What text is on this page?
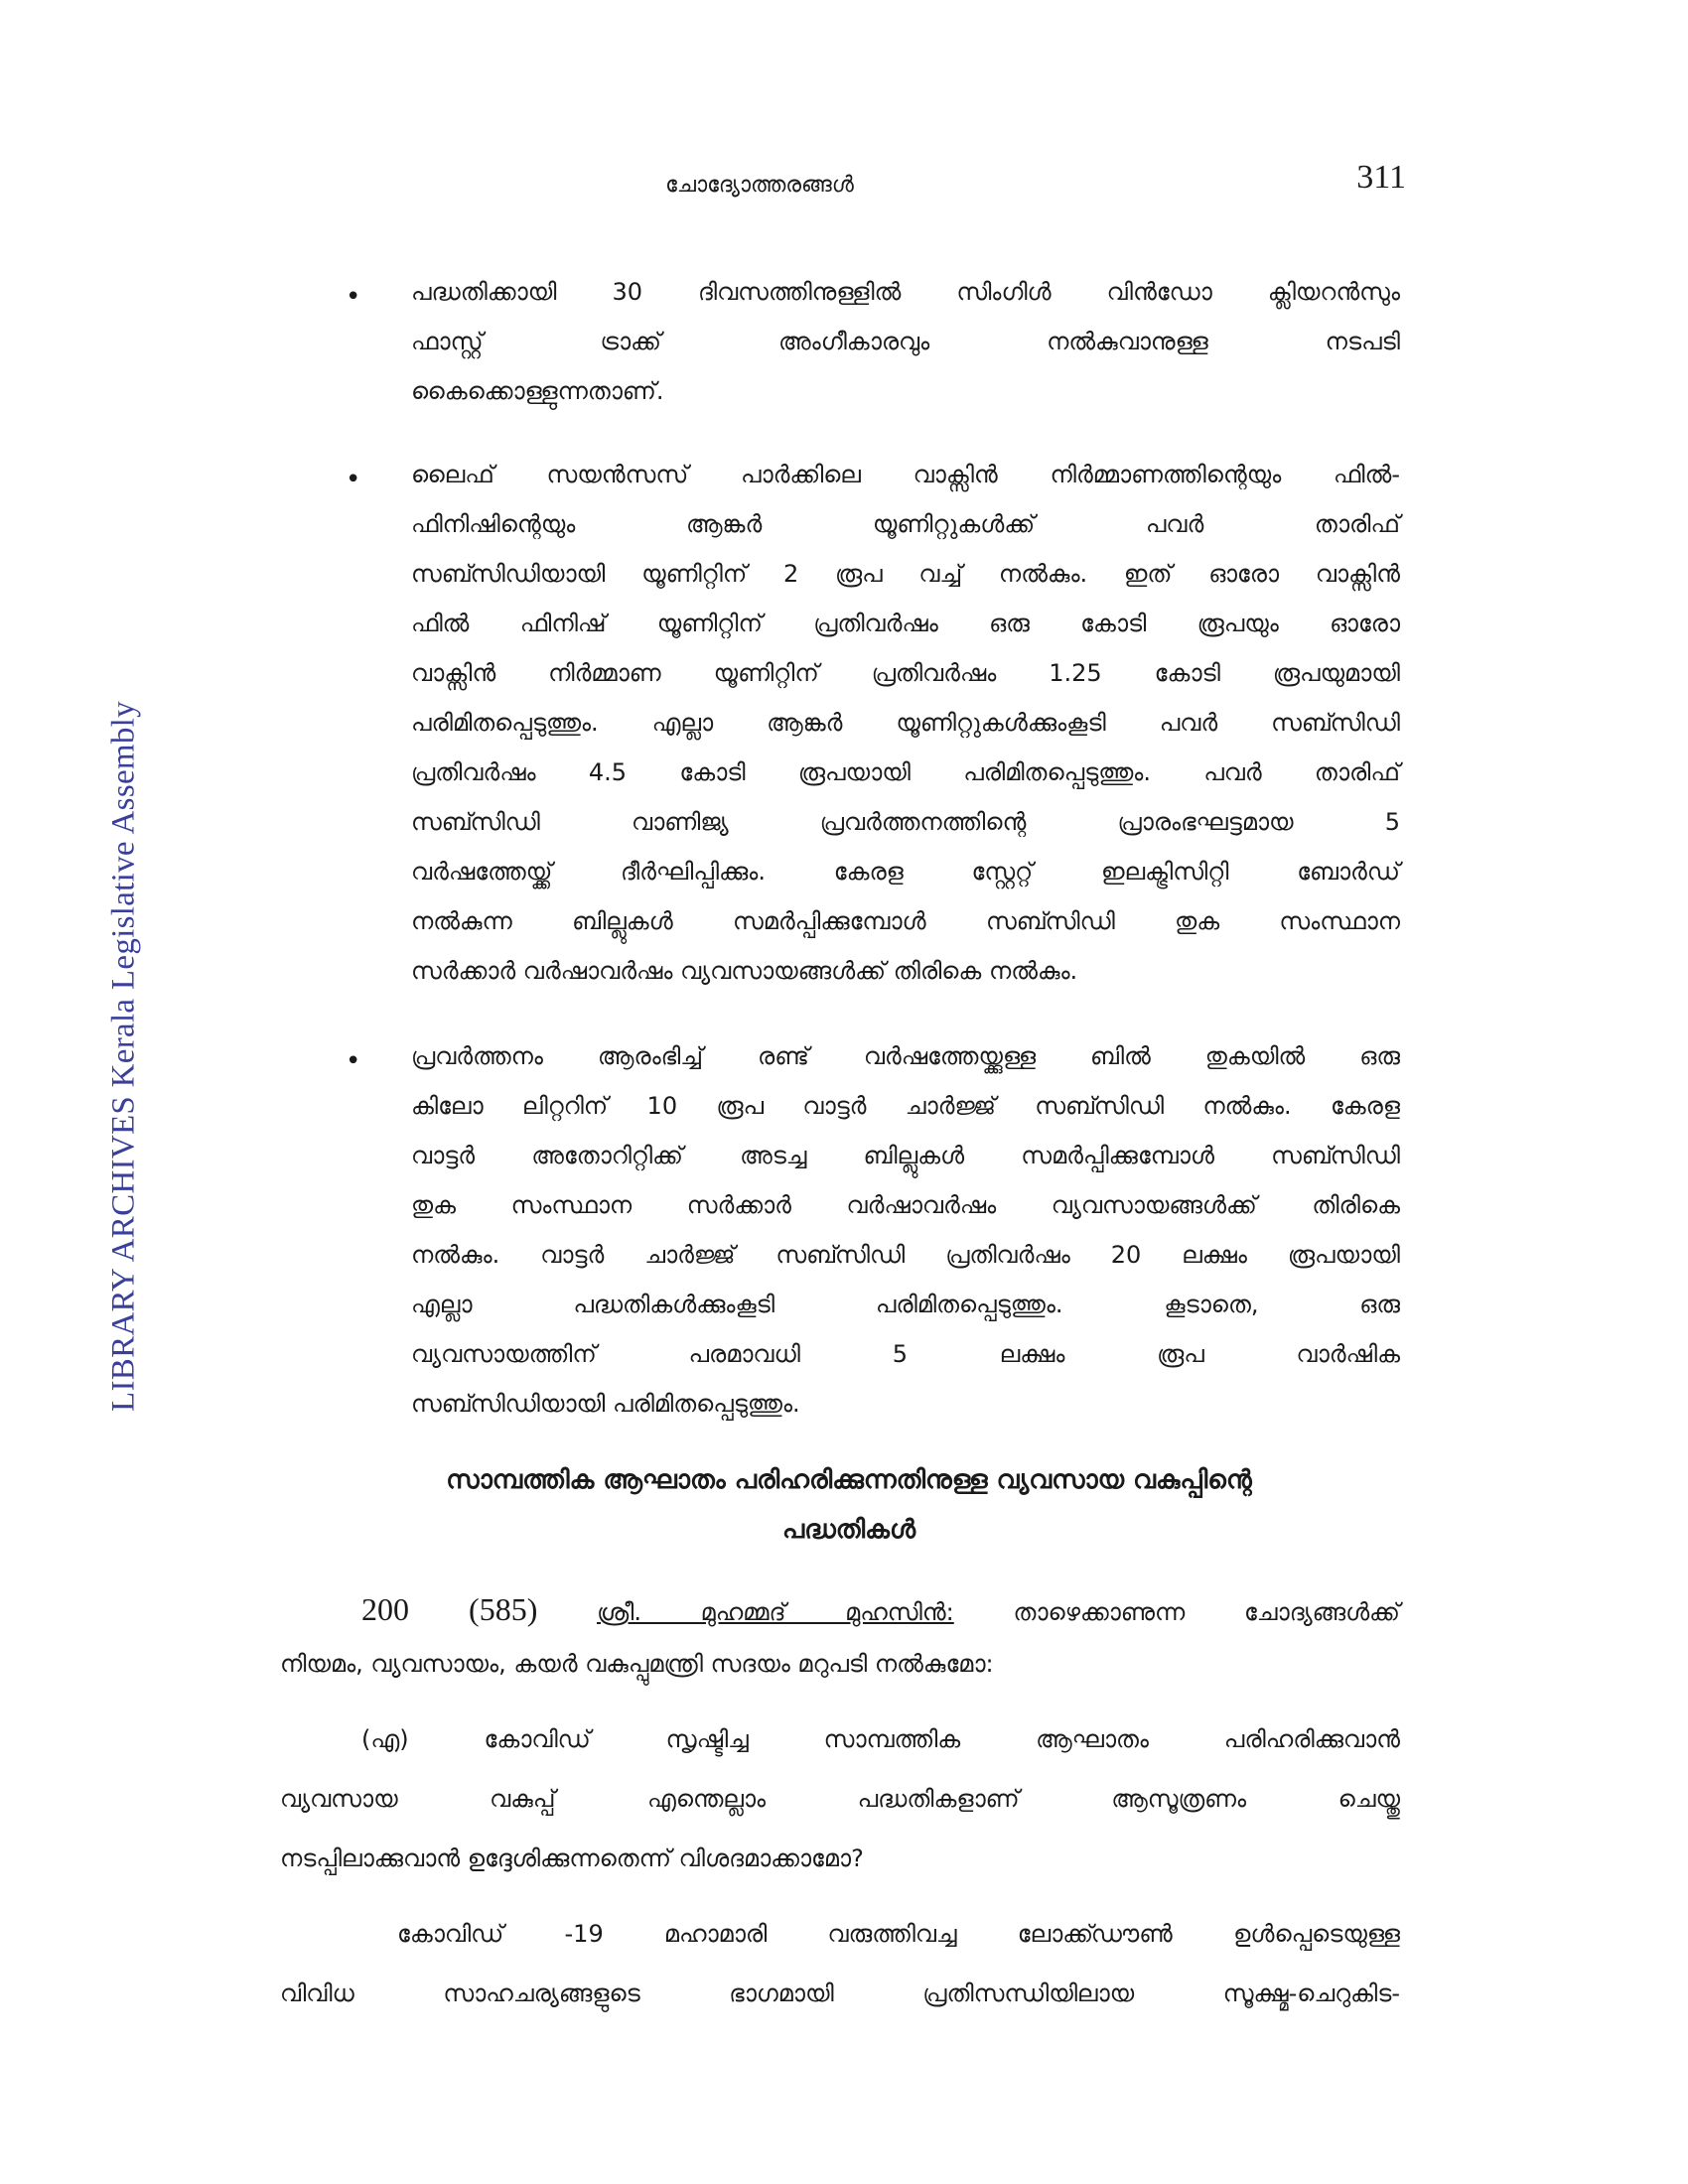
LIBRARY ARCHIVES Kerala Legislative Assembly
ചോദ്യോത്തരങ്ങൾ	311
• പദ്ധതിക്കായി 30 ദിവസത്തിനുള്ളിൽ സിംഗിൾ വിൻഡോ ക്ലിയറൻസും
ഫാസ്റ്റ് ട്രാക്ക് അംഗീകാരവും നൽകുവാനുള്ള നടപടി
കൈക്കൊള്ളുന്നതാണ്.
• ലൈഫ് സയൻസസ് പാർക്കിലെ വാക്സിൻ നിർമ്മാണത്തിന്റെയും ഫിൽ-
ഫിനിഷിന്റെയും ആങ്കർ യൂണിറ്റുകൾക്ക് പവർ താരിഫ്
സബ്സിഡിയായി യൂണിറ്റിന് 2 രൂപ വച്ച് നൽകും. ഇത് ഓരോ വാക്സിൻ
ഫിൽ ഫിനിഷ് യൂണിറ്റിന് പ്രതിവർഷം ഒരു കോടി രൂപയും ഓരോ
വാക്സിൻ നിർമ്മാണ യൂണിറ്റിന് പ്രതിവർഷം 1.25 കോടി രൂപയുമായി
പരിമിതപ്പെടുത്തും. എല്ലാ ആങ്കർ യൂണിറ്റുകൾക്കുംകൂടി പവർ സബ്സിഡി
പ്രതിവർഷം 4.5 കോടി രൂപയായി പരിമിതപ്പെടുത്തും. പവർ താരിഫ്
സബ്സിഡി വാണിജ്യ പ്രവർത്തനത്തിന്റെ പ്രാരംഭഘട്ടമായ 5
വർഷത്തേയ്ക്ക് ദീർഘിപ്പിക്കും. കേരള സ്റ്റേറ്റ് ഇലക്ട്രിസിറ്റി ബോർഡ്
നൽകുന്ന ബില്ലുകൾ സമർപ്പിക്കുമ്പോൾ സബ്സിഡി തുക സംസ്ഥാന
സർക്കാർ വർഷാവർഷം വ്യവസായങ്ങൾക്ക് തിരികെ നൽകും.
• പ്രവർത്തനം ആരംഭിച്ച് രണ്ട് വർഷത്തേയ്ക്കുള്ള ബിൽ തുകയിൽ ഒരു
കിലോ ലിറ്ററിന് 10 രൂപ വാട്ടർ ചാർജ്ജ് സബ്സിഡി നൽകും. കേരള
വാട്ടർ അതോറിറ്റിക്ക് അടച്ച ബില്ലുകൾ സമർപ്പിക്കുമ്പോൾ സബ്സിഡി
തുക സംസ്ഥാന സർക്കാർ വർഷാവർഷം വ്യവസായങ്ങൾക്ക് തിരികെ
നൽകും. വാട്ടർ ചാർജ്ജ് സബ്സിഡി പ്രതിവർഷം 20 ലക്ഷം രൂപയായി
എല്ലാ പദ്ധതികൾക്കുംകൂടി പരിമിതപ്പെടുത്തും. കൂടാതെ, ഒരു
വ്യവസായത്തിന് പരമാവധി 5 ലക്ഷം രൂപ വാർഷിക
സബ്സിഡിയായി പരിമിതപ്പെടുത്തും.
സാമ്പത്തിക ആഘാതം പരിഹരിക്കുന്നതിനുള്ള വ്യവസായ വകുപ്പിന്റെ
പദ്ധതികൾ
200 (585) ശ്രീ. മുഹമ്മദ് മുഹസിൻ: താഴെക്കാണുന്ന ചോദ്യങ്ങൾക്ക്
നിയമം, വ്യവസായം, കയർ വകുപ്പുമന്ത്രി സദയം മറുപടി നൽകുമോ:
(എ) കോവിഡ് സൃഷ്ടിച്ച സാമ്പത്തിക ആഘാതം പരിഹരിക്കുവാൻ
വ്യവസായ വകുപ്പ് എന്തെല്ലാം പദ്ധതികളാണ് ആസൂത്രണം ചെയ്തു
നടപ്പിലാക്കുവാൻ ഉദ്ദേശിക്കുന്നതെന്ന് വിശദമാക്കാമോ?
കോവിഡ് -19 മഹാമാരി വരുത്തിവച്ച ലോക്ക്ഡൗൺ ഉൾപ്പെടെയുള്ള
വിവിധ സാഹചര്യങ്ങളുടെ ഭാഗമായി പ്രതിസന്ധിയിലായ സൂക്ഷ്മ-ചെറുകിട-
